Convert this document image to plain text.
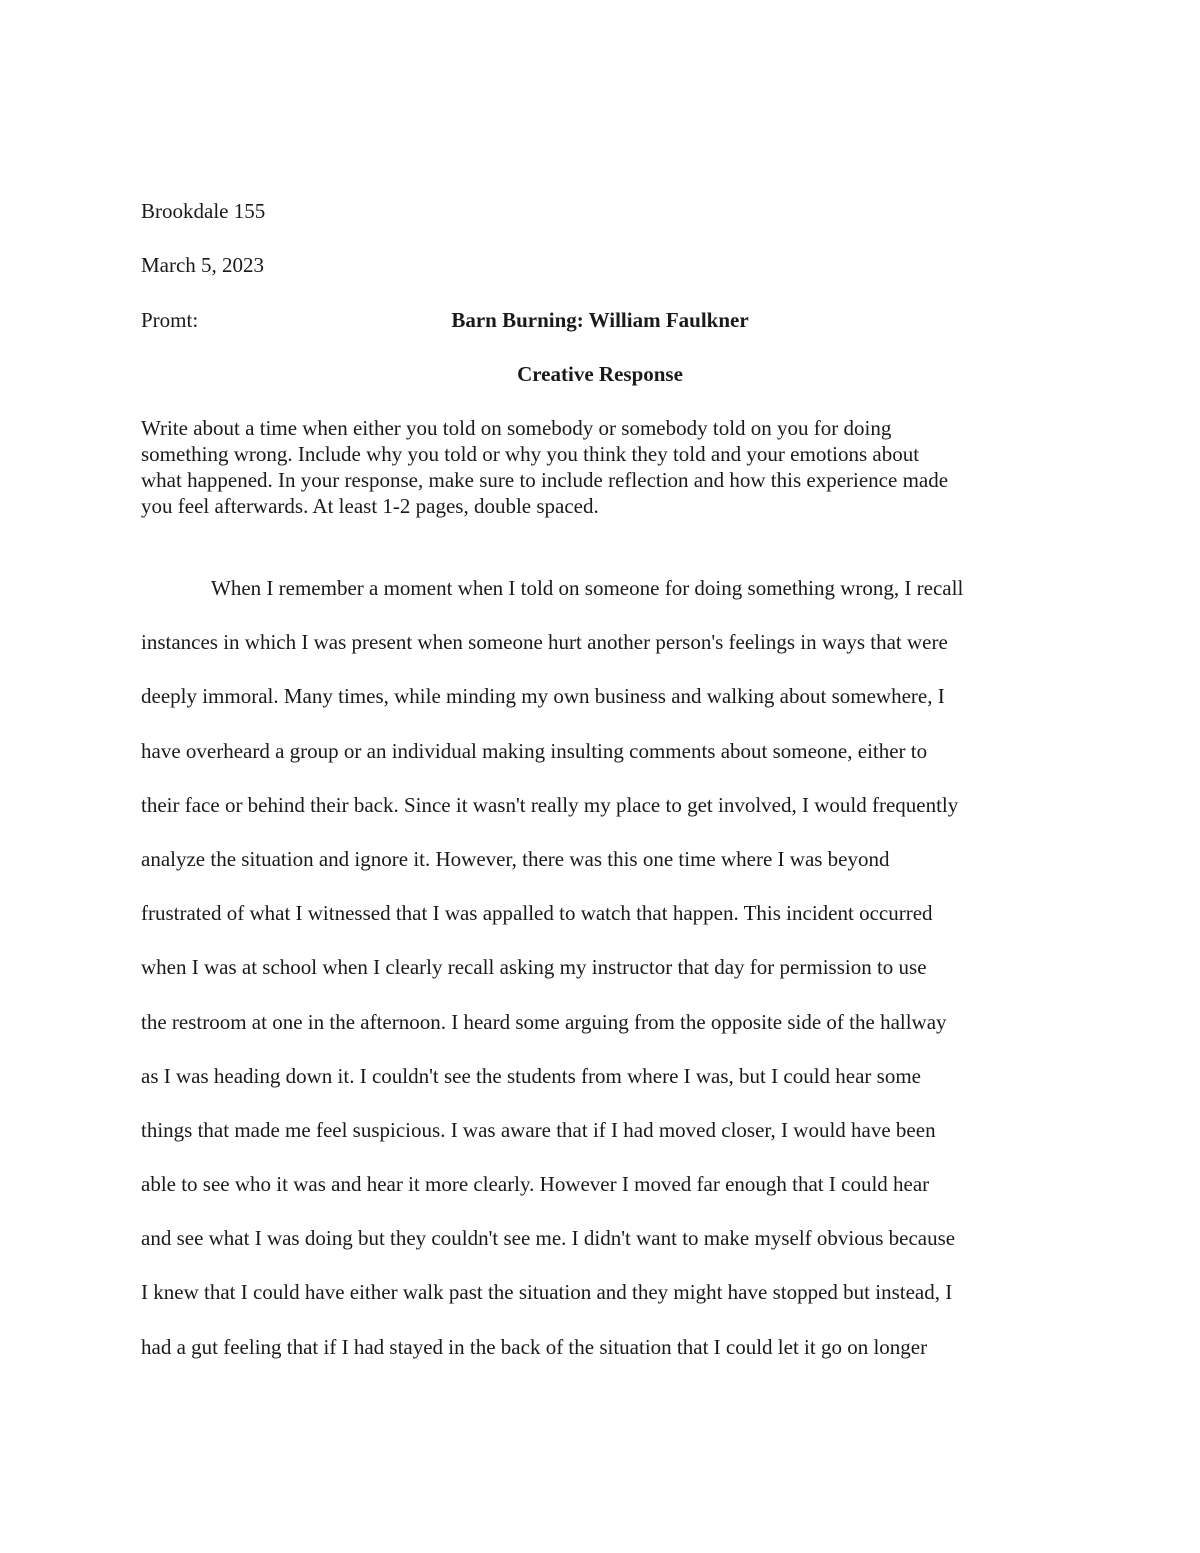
Brookdale 155
March 5, 2023
Promt:	Barn Burning: William Faulkner
Creative Response
Write about a time when either you told on somebody or somebody told on you for doing
something wrong. Include why you told or why you think they told and your emotions about
what happened. In your response, make sure to include reflection and how this experience made
you feel afterwards. At least 1-2 pages, double spaced.
When I remember a moment when I told on someone for doing something wrong, I recall
instances in which I was present when someone hurt another person's feelings in ways that were
deeply immoral. Many times, while minding my own business and walking about somewhere, I
have overheard a group or an individual making insulting comments about someone, either to
their face or behind their back. Since it wasn't really my place to get involved, I would frequently
analyze the situation and ignore it. However, there was this one time where I was beyond
frustrated of what I witnessed that I was appalled to watch that happen. This incident occurred
when I was at school when I clearly recall asking my instructor that day for permission to use
the restroom at one in the afternoon. I heard some arguing from the opposite side of the hallway
as I was heading down it. I couldn't see the students from where I was, but I could hear some
things that made me feel suspicious. I was aware that if I had moved closer, I would have been
able to see who it was and hear it more clearly. However I moved far enough that I could hear
and see what I was doing but they couldn't see me. I didn't want to make myself obvious because
I knew that I could have either walk past the situation and they might have stopped but instead, I
had a gut feeling that if I had stayed in the back of the situation that I could let it go on longer
